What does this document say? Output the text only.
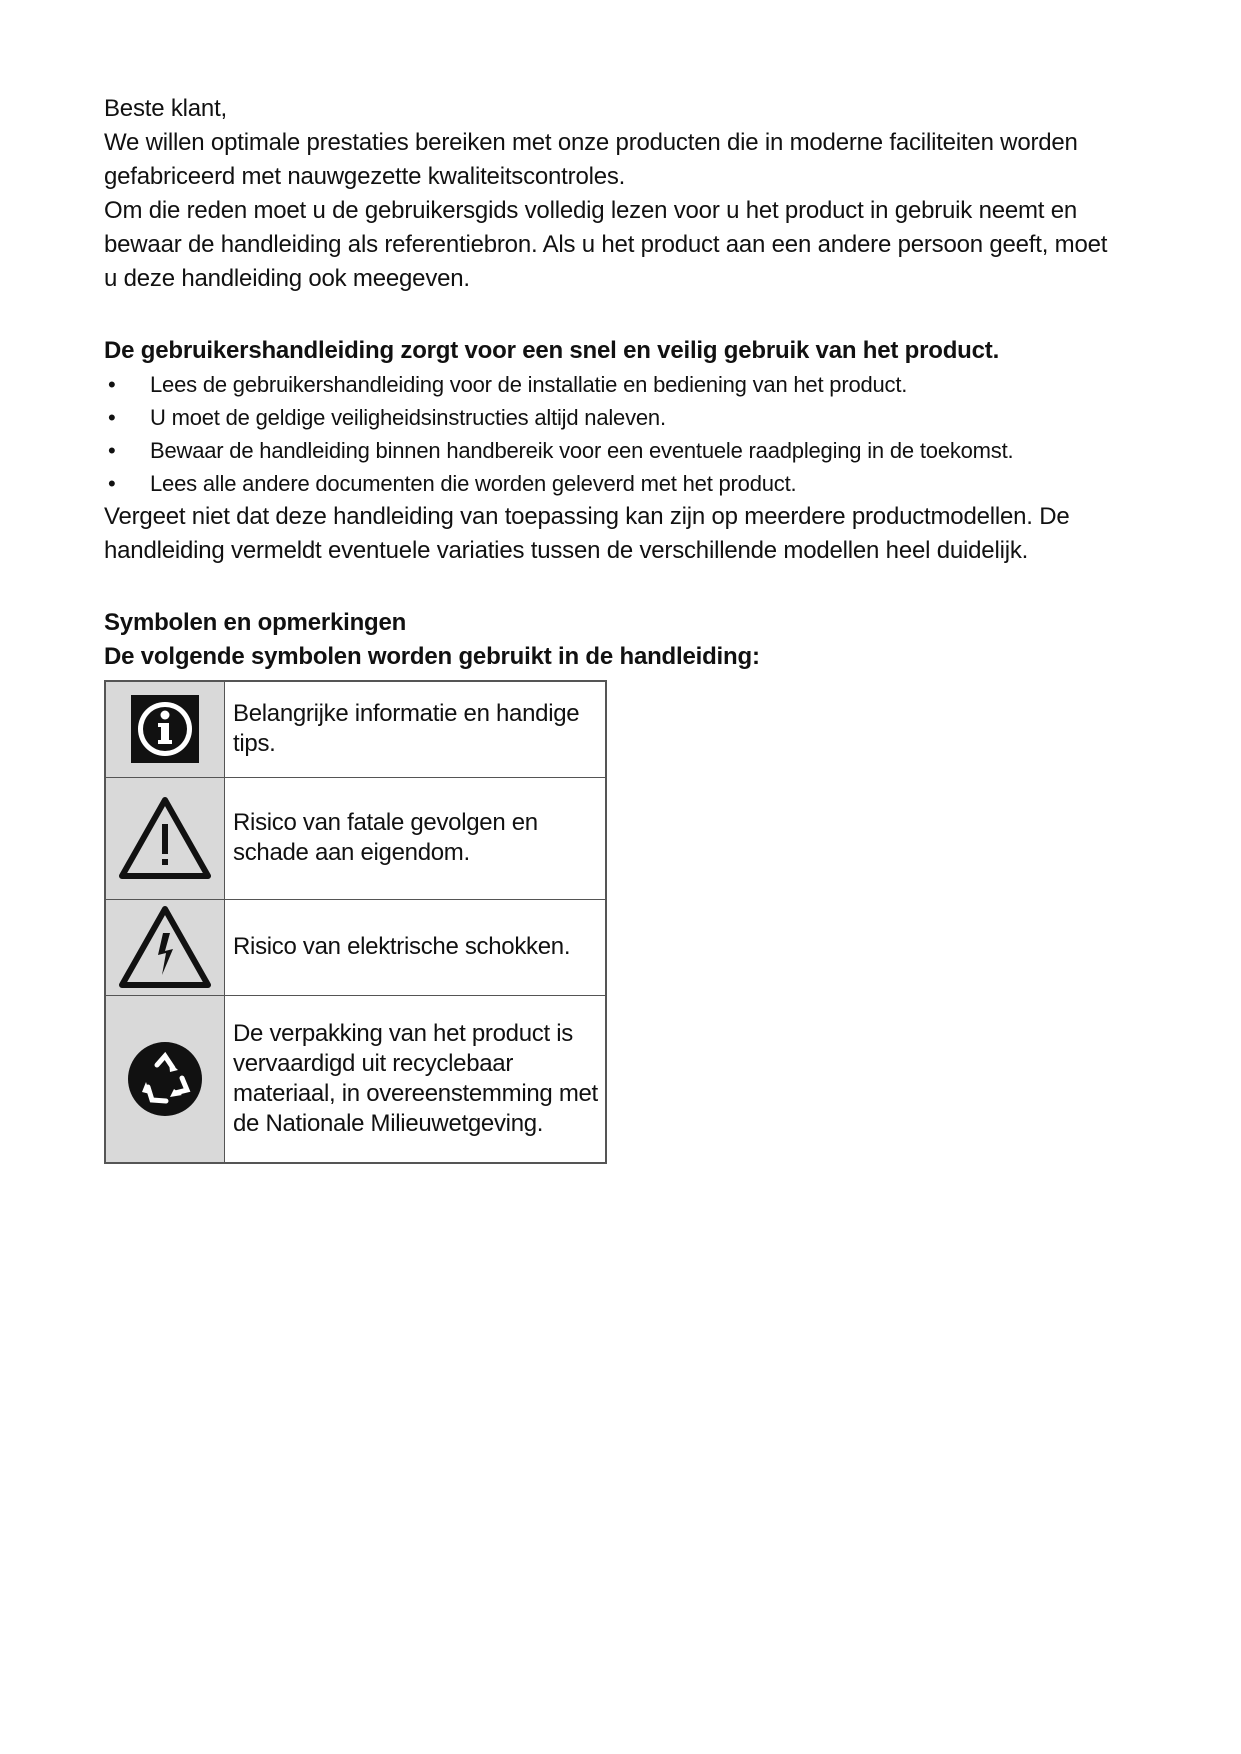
Beste klant,

We willen optimale prestaties bereiken met onze producten die in moderne faciliteiten worden gefabriceerd met nauwgezette kwaliteitscontroles.

Om die reden moet u de gebruikersgids volledig lezen voor u het product in gebruik neemt en bewaar de handleiding als referentiebron. Als u het product aan een andere persoon geeft, moet u deze handleiding ook meegeven.

De gebruikershandleiding zorgt voor een snel en veilig gebruik van het product.

• Lees de gebruikershandleiding voor de installatie en bediening van het product.
• U moet de geldige veiligheidsinstructies altijd naleven.
• Bewaar de handleiding binnen handbereik voor een eventuele raadpleging in de toekomst.
• Lees alle andere documenten die worden geleverd met het product.

Vergeet niet dat deze handleiding van toepassing kan zijn op meerdere productmodellen. De handleiding vermeldt eventuele variaties tussen de verschillende modellen heel duidelijk.

Symbolen en opmerkingen

De volgende symbolen worden gebruikt in de handleiding:

	Belangrijke informatie en handige tips.

	Risico van fatale gevolgen en schade aan eigendom.

	Risico van elektrische schokken.

	De verpakking van het product is vervaardigd uit recyclebaar materiaal, in overeenstemming met de Nationale Milieuwetgeving.
